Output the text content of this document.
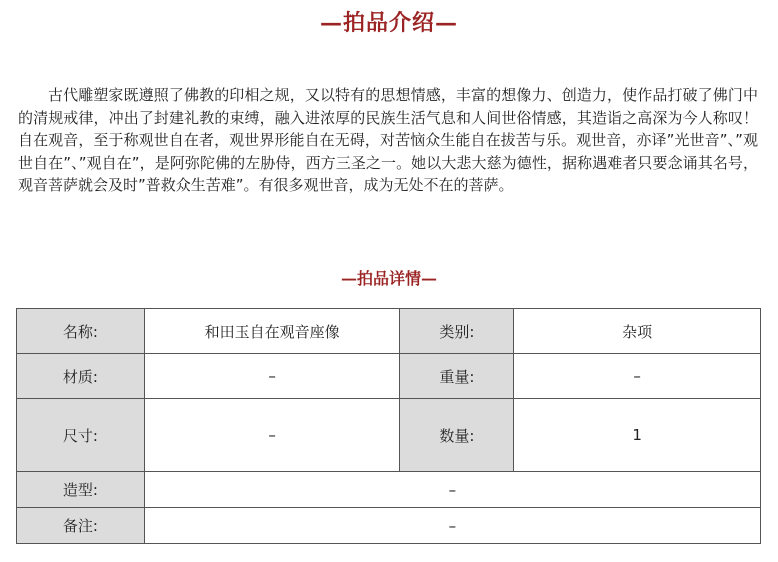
—拍品介绍—

古代雕塑家既遵照了佛教的印相之规，又以特有的思想情感，丰富的想像力、创造力，使作品打破了佛门中的清规戒律，冲出了封建礼教的束缚，融入进浓厚的民族生活气息和人间世俗情感，其造诣之高深为今人称叹！自在观音，至于称观世自在者，观世界形能自在无碍，对苦恼众生能自在拔苦与乐。观世音，亦译”光世音”、”观世自在”、”观自在”，是阿弥陀佛的左胁侍，西方三圣之一。她以大悲大慈为德性，据称遇难者只要念诵其名号，观音菩萨就会及时”普救众生苦难”。有很多观世音，成为无处不在的菩萨。

—拍品详情—
名称:	和田玉自在观音座像	类别:	杂项
材质:	–	重量:	–
尺寸:	–	数量:	1
造型:	–		
备注:	–		
